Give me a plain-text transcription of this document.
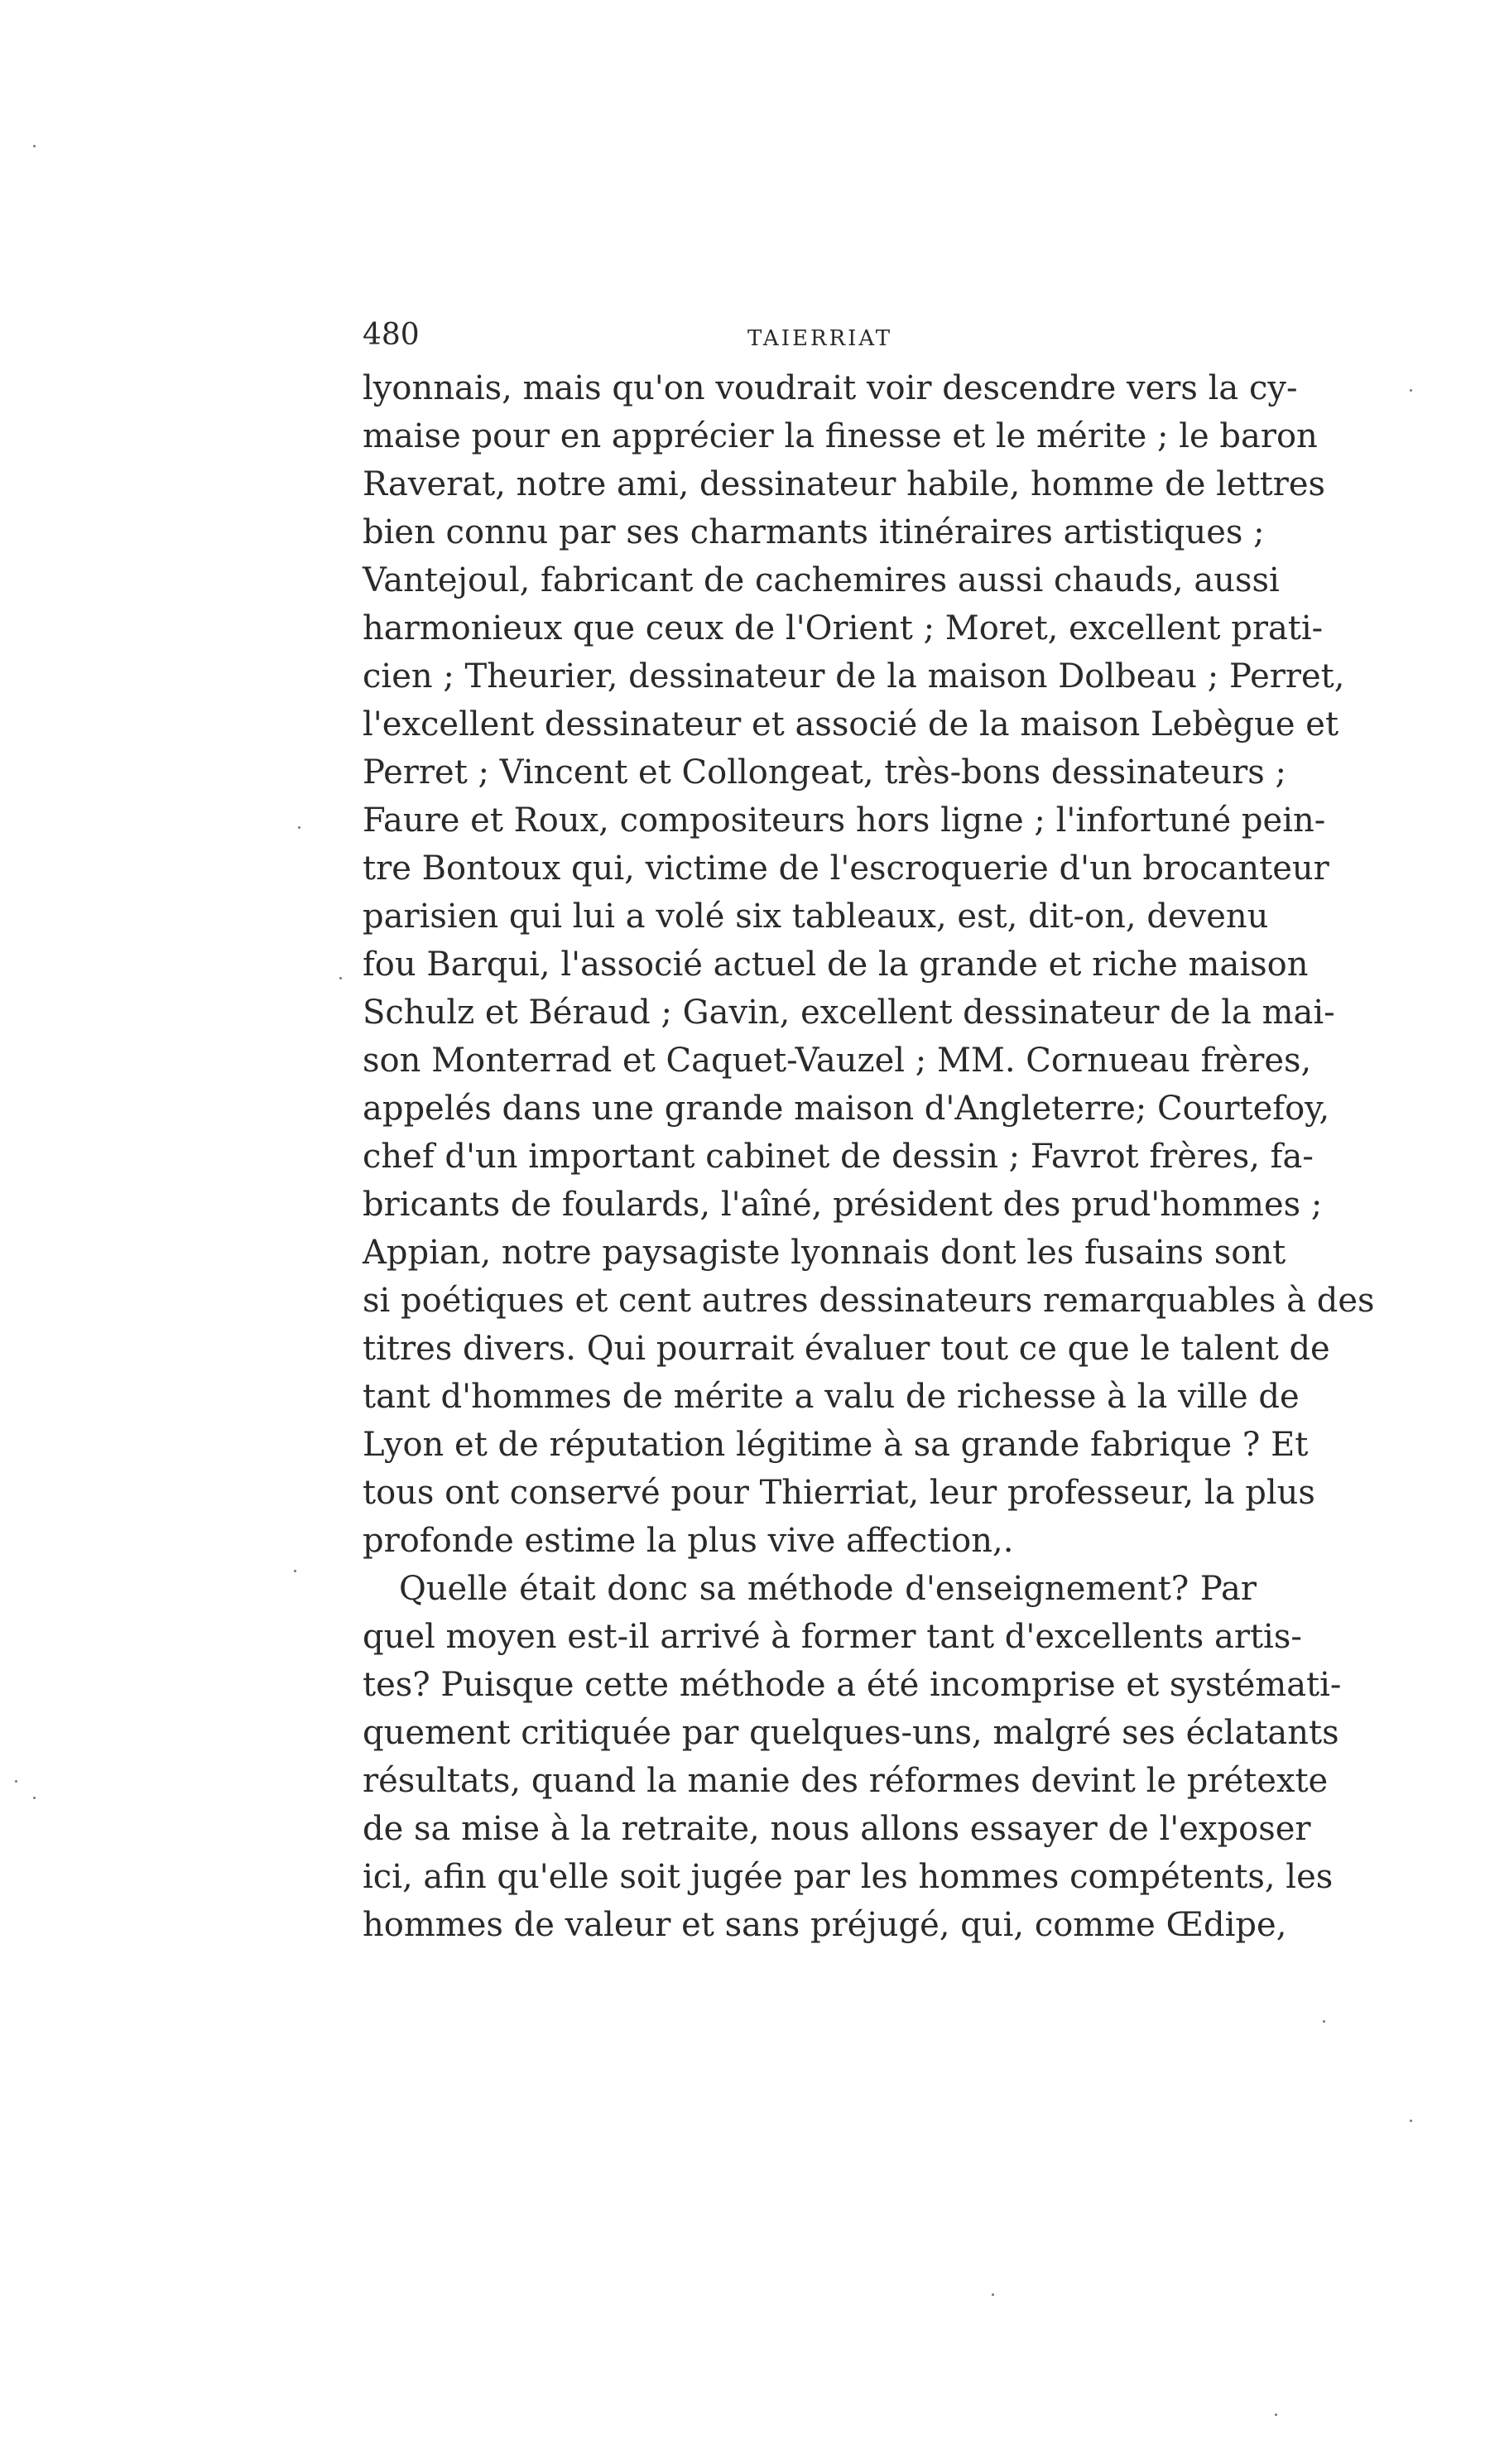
480	TAIERRIAT
lyonnais, mais qu'on voudrait voir descendre vers la cy-
maise pour en apprécier la finesse et le mérite ; le baron
Raverat, notre ami, dessinateur habile, homme de lettres
bien connu par ses charmants itinéraires artistiques ;
Vantejoul, fabricant de cachemires aussi chauds, aussi
harmonieux que ceux de l'Orient ; Moret, excellent prati-
cien ; Theurier, dessinateur de la maison Dolbeau ; Perret,
l'excellent dessinateur et associé de la maison Lebègue et
Perret ; Vincent et Collongeat, très-bons dessinateurs ;
Faure et Roux, compositeurs hors ligne ; l'infortuné pein-
tre Bontoux qui, victime de l'escroquerie d'un brocanteur
parisien qui lui a volé six tableaux, est, dit-on, devenu
fou Barqui, l'associé actuel de la grande et riche maison
Schulz et Béraud ; Gavin, excellent dessinateur de la mai-
son Monterrad et Caquet-Vauzel ; MM. Cornueau frères,
appelés dans une grande maison d'Angleterre; Courtefoy,
chef d'un important cabinet de dessin ; Favrot frères, fa-
bricants de foulards, l'aîné, président des prud'hommes ;
Appian, notre paysagiste lyonnais dont les fusains sont
si poétiques et cent autres dessinateurs remarquables à des
titres divers. Qui pourrait évaluer tout ce que le talent de
tant d'hommes de mérite a valu de richesse à la ville de
Lyon et de réputation légitime à sa grande fabrique ? Et
tous ont conservé pour Thierriat, leur professeur, la plus
profonde estime la plus vive affection,.
Quelle était donc sa méthode d'enseignement? Par
quel moyen est-il arrivé à former tant d'excellents artis-
tes? Puisque cette méthode a été incomprise et systémati-
quement critiquée par quelques-uns, malgré ses éclatants
résultats, quand la manie des réformes devint le prétexte
de sa mise à la retraite, nous allons essayer de l'exposer
ici, afin qu'elle soit jugée par les hommes compétents, les
hommes de valeur et sans préjugé, qui, comme Œdipe,
